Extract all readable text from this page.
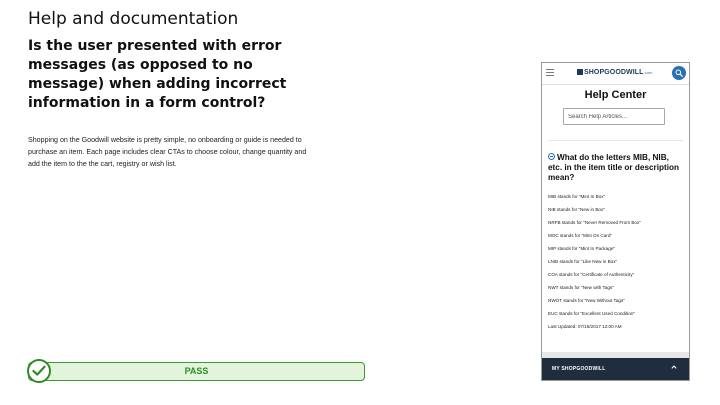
Help and documentation
Is the user presented with error messages (as opposed to no message) when adding incorrect information in a form control?

Shopping on the Goodwill website is pretty simple, no onboarding or guide is needed to purchase an item. Each page includes clear CTAs to choose colour, change quantity and add the item to the the cart, registry or wish list.

PASS
SHOPGOODWILL.com
Help Center
Search Help Articles...

What do the letters MIB, NIB, etc. in the item title or description mean?

MIB stands for "Mint In Box"
NIB stands for "New in Box"
NRFB stands for "Never Removed From Box"
MOC stands for "Mint On Card"
MIP stands for "Mint In Package"
LNIB stands for "Like New in Box"
COA stands for "Certificate of Authenticity"
NWT stands for "New with Tags"
NWOT stands for "New Without Tags"
EUC stands for "Excellent Used Condition"
Last Updated: 07/18/2017 12:00 AM
MY SHOPGOODWILL
